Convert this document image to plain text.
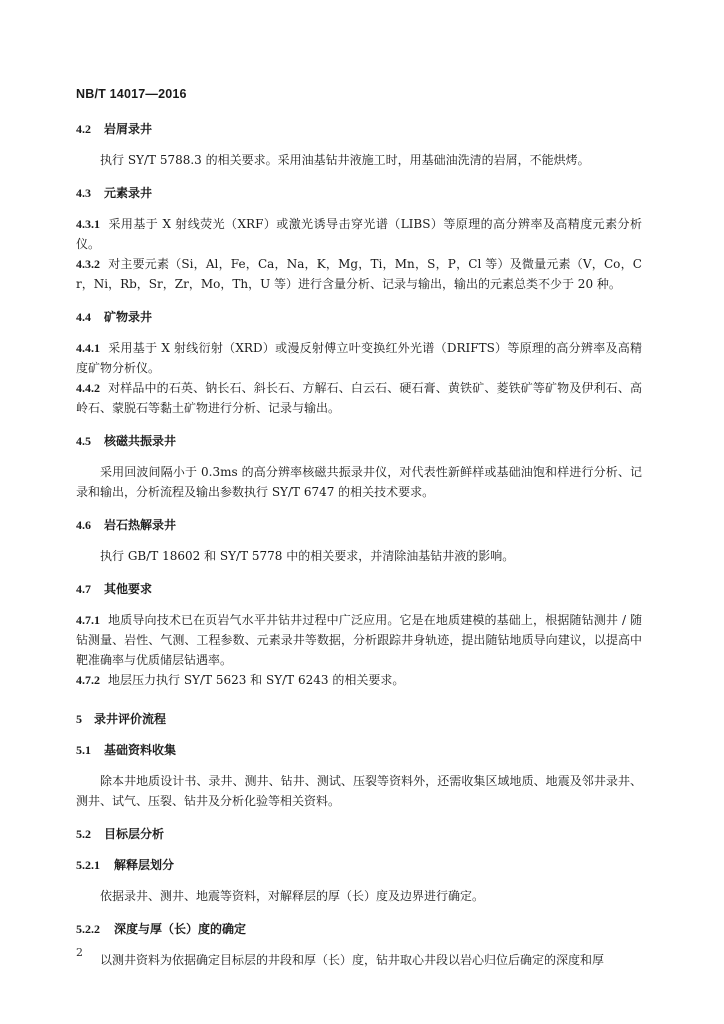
NB/T 14017—2016
4.2 岩屑录井

执行 SY/T 5788.3 的相关要求。采用油基钻井液施工时，用基础油洗清的岩屑，不能烘烤。

4.3 元素录井

4.3.1 采用基于 X 射线荧光（XRF）或激光诱导击穿光谱（LIBS）等原理的高分辨率及高精度元素分析仪。

4.3.2 对主要元素（Si，Al，Fe，Ca，Na，K，Mg，Ti，Mn，S，P，Cl 等）及微量元素（V，Co，Cr，Ni，Rb，Sr，Zr，Mo，Th，U 等）进行含量分析、记录与输出，输出的元素总类不少于 20 种。

4.4 矿物录井

4.4.1 采用基于 X 射线衍射（XRD）或漫反射傅立叶变换红外光谱（DRIFTS）等原理的高分辨率及高精度矿物分析仪。

4.4.2 对样品中的石英、钠长石、斜长石、方解石、白云石、硬石膏、黄铁矿、菱铁矿等矿物及伊利石、高岭石、蒙脱石等黏土矿物进行分析、记录与输出。

4.5 核磁共振录井

采用回波间隔小于 0.3ms 的高分辨率核磁共振录井仪，对代表性新鲜样或基础油饱和样进行分析、记录和输出，分析流程及输出参数执行 SY/T 6747 的相关技术要求。

4.6 岩石热解录井

执行 GB/T 18602 和 SY/T 5778 中的相关要求，并清除油基钻井液的影响。

4.7 其他要求

4.7.1 地质导向技术已在页岩气水平井钻井过程中广泛应用。它是在地质建模的基础上，根据随钻测井 / 随钻测量、岩性、气测、工程参数、元素录井等数据，分析跟踪井身轨迹，提出随钻地质导向建议，以提高中靶准确率与优质储层钻遇率。

4.7.2 地层压力执行 SY/T 5623 和 SY/T 6243 的相关要求。

5 录井评价流程
5.1 基础资料收集

除本井地质设计书、录井、测井、钻井、测试、压裂等资料外，还需收集区域地质、地震及邻井录井、测井、试气、压裂、钻井及分析化验等相关资料。

5.2 目标层分析
5.2.1 解释层划分

依据录井、测井、地震等资料，对解释层的厚（长）度及边界进行确定。

5.2.2 深度与厚（长）度的确定

以测井资料为依据确定目标层的井段和厚（长）度，钻井取心井段以岩心归位后确定的深度和厚

2
